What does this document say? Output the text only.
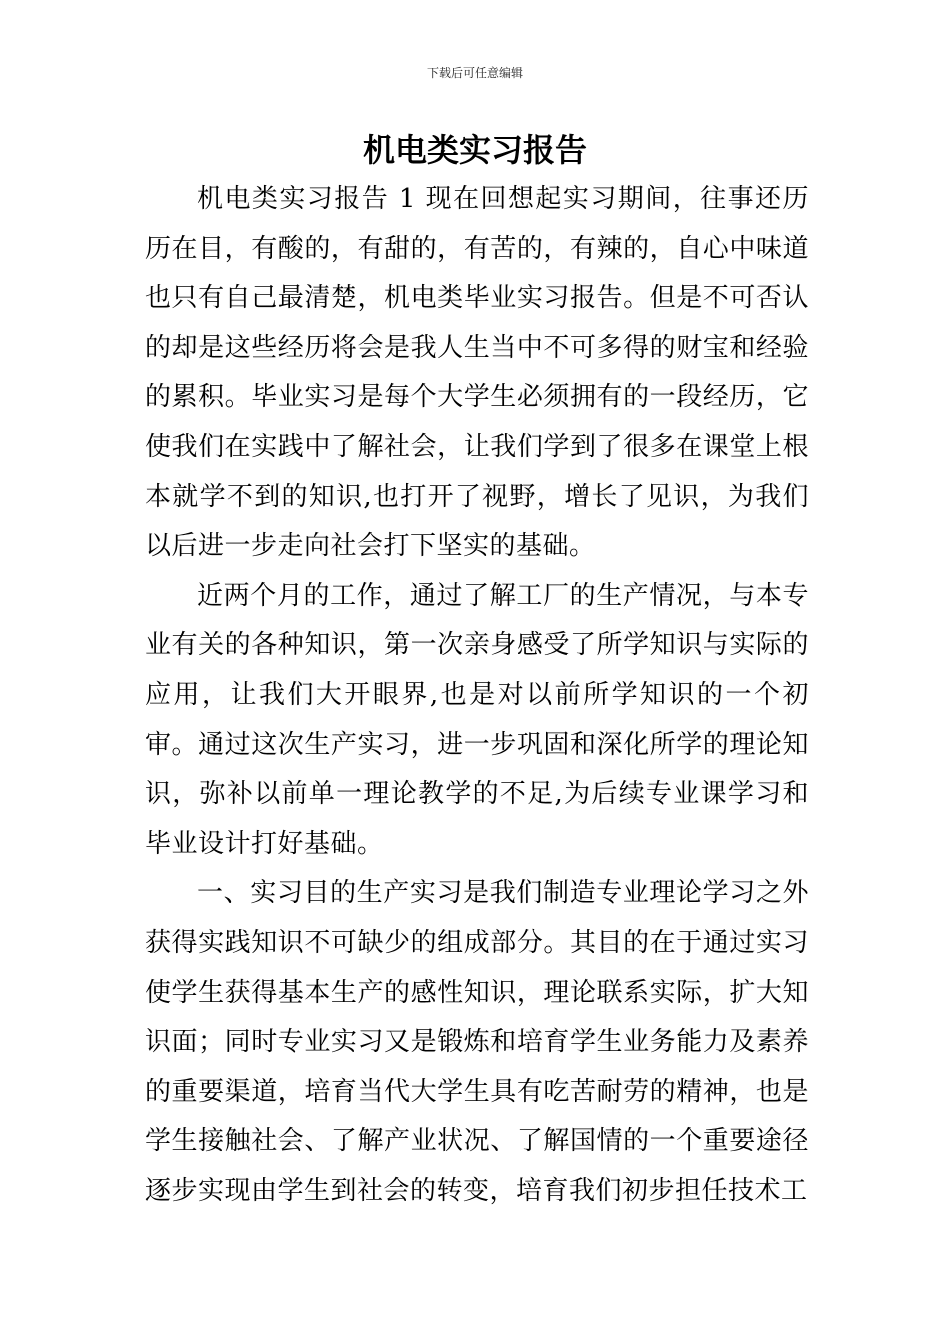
下载后可任意编辑
机电类实习报告

机电类实习报告 1 现在回想起实习期间，往事还历历在目，有酸的，有甜的，有苦的，有辣的，自心中味道也只有自己最清楚，机电类毕业实习报告。但是不可否认的却是这些经历将会是我人生当中不可多得的财宝和经验的累积。毕业实习是每个大学生必须拥有的一段经历，它使我们在实践中了解社会，让我们学到了很多在课堂上根本就学不到的知识,也打开了视野，增长了见识，为我们以后进一步走向社会打下坚实的基础。

近两个月的工作，通过了解工厂的生产情况，与本专业有关的各种知识，第一次亲身感受了所学知识与实际的应用，让我们大开眼界,也是对以前所学知识的一个初审。通过这次生产实习，进一步巩固和深化所学的理论知识，弥补以前单一理论教学的不足,为后续专业课学习和毕业设计打好基础。

一、实习目的生产实习是我们制造专业理论学习之外获得实践知识不可缺少的组成部分。其目的在于通过实习使学生获得基本生产的感性知识，理论联系实际，扩大知识面；同时专业实习又是锻炼和培育学生业务能力及素养的重要渠道，培育当代大学生具有吃苦耐劳的精神，也是学生接触社会、了解产业状况、了解国情的一个重要途径逐步实现由学生到社会的转变，培育我们初步担任技术工
